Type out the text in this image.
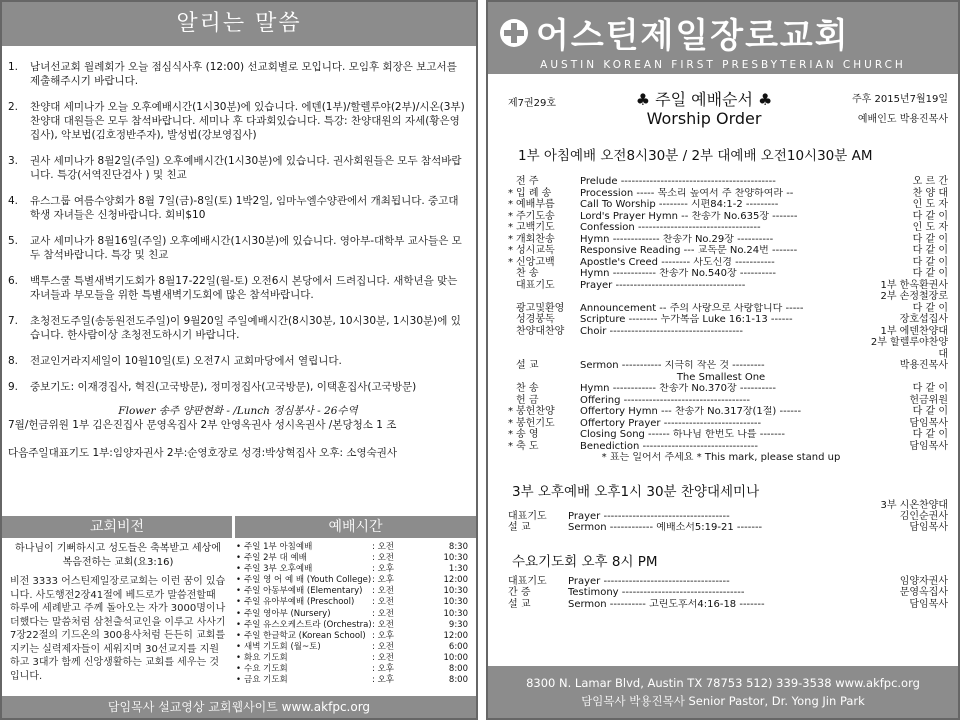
알리는 말씀
1.	남녀선교회 월례회가 오늘 점심식사후 (12:00) 선교회별로 모입니다. 모임후 회장은 보고서를 제출해주시기 바랍니다.
2.	찬양대 세미나가 오늘 오후예배시간(1시30분)에 있습니다. 에덴(1부)/할렐루야(2부)/시온(3부)찬양대 대원들은 모두 참석바랍니다. 세미나 후 다과회있습니다. 특강: 찬양대원의 자세(황은영집사), 악보법(김호정반주자), 발성법(강보영집사)
3.	권사 세미나가 8월2일(주일) 오후예배시간(1시30분)에 있습니다. 권사회원들은 모두 참석바랍니다. 특강(서역진단검사 ) 및 친교
4.	유스그룹 여름수양회가 8월 7일(금)-8일(토) 1박2일, 임마누엘수양관에서 개최됩니다. 중고대학생 자녀들은 신청바랍니다. 회비$10
5.	교사 세미나가 8월16일(주일) 오후예배시간(1시30분)에 있습니다. 영아부-대학부 교사들은 모두 참석바랍니다. 특강 및 친교
6.	백투스쿨 특별새벽기도회가 8월17-22일(월-토) 오전6시 본당에서 드려집니다. 새학년을 맞는 자녀들과 부모들을 위한 특별새벽기도회에 많은 참석바랍니다.
7.	초청전도주일(송동원전도주일)이 9월20일 주일예배시간(8시30분, 10시30분, 1시30분)에 있습니다. 한사람이상 초청전도하시기 바랍니다.
8.	전교인거라지세일이 10월10일(토) 오전7시 교회마당에서 열립니다.
9.	중보기도: 이재경집사, 혁진(고국방문), 정미정집사(고국방문), 이택훈집사(고국방문)
Flower 송주 양판현화 - /Lunch 정심봉사 - 26수역
7월/헌금위원 1부 김은진집사 문영옥집사 2부 안영옥권사 성시옥권사 /본당청소 1 조
다음주일대표기도 1부:임양자권사 2부:순영호장로 성경:박상혁집사 오후: 소영숙권사
교회비전	예배시간
하나님이 기뻐하시고 성도들은 축복받고 세상에 복음전하는 교회(요3:16)
비전 3333 어스틴제일장로교회는 이런 꿈이 있습니다. 사도행전2장41절에 베드로가 말씀전할때 하루에 세례받고 주께 돌아오는 자가 3000명이나 더했다는 말씀처럼 삼천출석교인을 이루고 사사기7장22절의 기드온의 300용사처럼 든든히 교회를 지키는 실력제자들이 세워지며 30선교지를 지원하고 3대가 함께 신앙생활하는 교회를 세우는 것입니다.
• 주일 1부 아침예배	: 오전	8:30
• 주일 2부 대 예배	: 오전	10:30
• 주일 3부 오후예배	: 오후	1:30
• 주일 영 어 예 배 (Youth College) : 오후	12:00
• 주일 아동부예배 (Elementary)	: 오전	10:30
• 주일 유아부예배 (Preschool)	: 오전	10:30
• 주일 영아부 (Nursery)	: 오전	10:30
• 주일 유스오케스트라 (Orchestra) : 오전	9:30
• 주일 한글학교 (Korean School) : 오후	12:00
• 새벽 기도회 (월~토)	: 오전	6:00
• 화요 기도회	: 오전	10:00
• 수요 기도회	: 오후	8:00
• 금요 기도회	: 오후	8:00
담임목사 설교영상 교회웹사이트 www.akfpc.org
어스틴제일장로교회
AUSTIN KOREAN FIRST PRESBYTERIAN CHURCH
제7권29호	♣ 주일 예배순서 ♣
Worship Order
주후 2015년7월19일
예배인도 박용진목사
1부 아침예배 오전8시30분 / 2부 대예배 오전10시30분 AM
전 주	Prelude -------------------------------------------	오 르 간
* 입 례 송	Procession ----- 목소리 높여서 주 찬양하여라 --	찬 양 대
* 예배부름	Call To Worship -------- 시편84:1-2 ---------	인 도 자
* 주기도송	Lord's Prayer Hymn -- 찬송가 No.635장 -------	다 같 이
* 고백기도	Confession ----------------------------------	인 도 자
* 개회찬송	Hymn ------------- 찬송가 No.29장 ----------	다 같 이
* 성시교독	Responsive Reading --- 교독문 No.24번 -------	다 같 이
* 신앙고백	Apostle's Creed -------- 사도신경 -----------	다 같 이
찬 송	Hymn ------------ 찬송가 No.540장 ----------	다 같 이
대표기도	Prayer ------------------------------------	1부 한옥환권사
2부 손정철장로
광고및환영	Announcement -- 주의 사랑으로 사랑합니다 -----	다 같 이
성경봉독	Scripture -------- 누가복음 Luke 16:1-13 ------	장호섭집사
찬양대찬양	Choir -------------------------------------	1부 에덴찬양대
2부 할렐루야찬양대
설 교	Sermon ----------- 지극히 작은 것 ---------	박용진목사
The Smallest One
찬 송	Hymn ------------ 찬송가 No.370장 ----------	다 같 이
헌 금	Offering -----------------------------------	헌금위원
* 봉헌찬양	Offertory Hymn --- 찬송가 No.317장(1절) ------	다 같 이
* 봉헌기도	Offertory Prayer ---------------------------	담임목사
* 송 영	Closing Song ------ 하나님 한번도 나를 -------	다 같 이
* 축 도	Benediction --------------------------------	담임목사
* 표는 일어서 주세요 * This mark, please stand up
3부 오후예배 오후1시 30분 찬양대세미나
3부 시온찬양대
대표기도	Prayer -----------------------------------	김인순권사
설 교	Sermon ------------ 예배소서5:19-21 -------	담임목사
수요기도회 오후 8시 PM
대표기도	Prayer -----------------------------------	임양자권사
간 증	Testimony ----------------------------------	문영옥집사
설 교	Sermon ---------- 고린도후서4:16-18 -------	담임목사
8300 N. Lamar Blvd, Austin TX 78753 512) 339-3538 www.akfpc.org
담임목사 박용진목사 Senior Pastor, Dr. Yong Jin Park
